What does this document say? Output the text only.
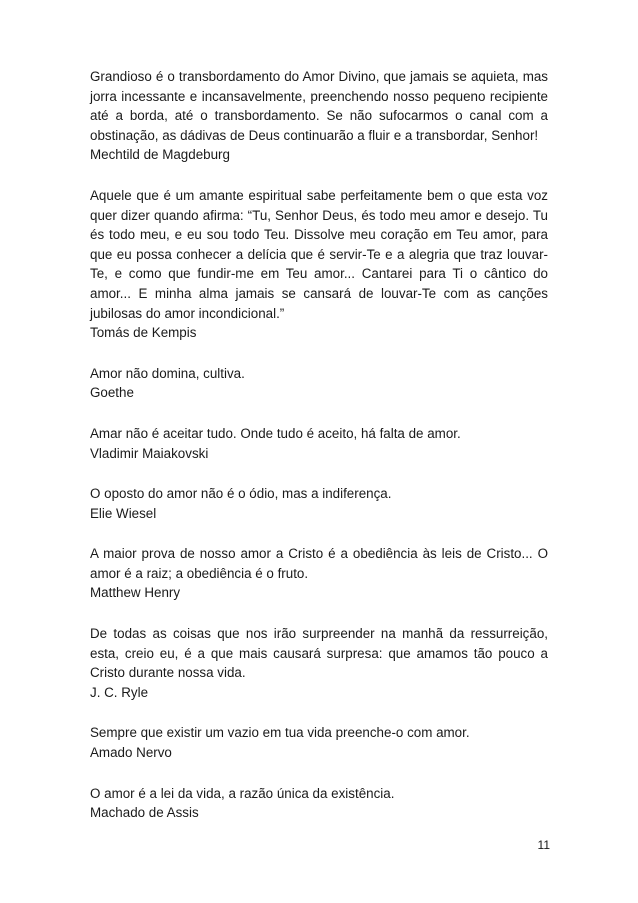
Grandioso é o transbordamento do Amor Divino, que jamais se aquieta, mas jorra incessante e incansavelmente, preenchendo nosso pequeno recipiente até a borda, até o transbordamento. Se não sufocarmos o canal com a obstinação, as dádivas de Deus continuarão a fluir e a transbordar, Senhor!

Mechtild de Magdeburg

Aquele que é um amante espiritual sabe perfeitamente bem o que esta voz quer dizer quando afirma: “Tu, Senhor Deus, és todo meu amor e desejo. Tu és todo meu, e eu sou todo Teu. Dissolve meu coração em Teu amor, para que eu possa conhecer a delícia que é servir-Te e a alegria que traz louvar-Te, e como que fundir-me em Teu amor... Cantarei para Ti o cântico do amor... E minha alma jamais se cansará de louvar-Te com as canções jubilosas do amor incondicional.”

Tomás de Kempis

Amor não domina, cultiva.

Goethe

Amar não é aceitar tudo. Onde tudo é aceito, há falta de amor.

Vladimir Maiakovski

O oposto do amor não é o ódio, mas a indiferença.

Elie Wiesel

A maior prova de nosso amor a Cristo é a obediência às leis de Cristo... O amor é a raiz; a obediência é o fruto.

Matthew Henry

De todas as coisas que nos irão surpreender na manhã da ressurreição, esta, creio eu, é a que mais causará surpresa: que amamos tão pouco a Cristo durante nossa vida.

J. C. Ryle

Sempre que existir um vazio em tua vida preenche-o com amor.

Amado Nervo

O amor é a lei da vida, a razão única da existência.

Machado de Assis

11
